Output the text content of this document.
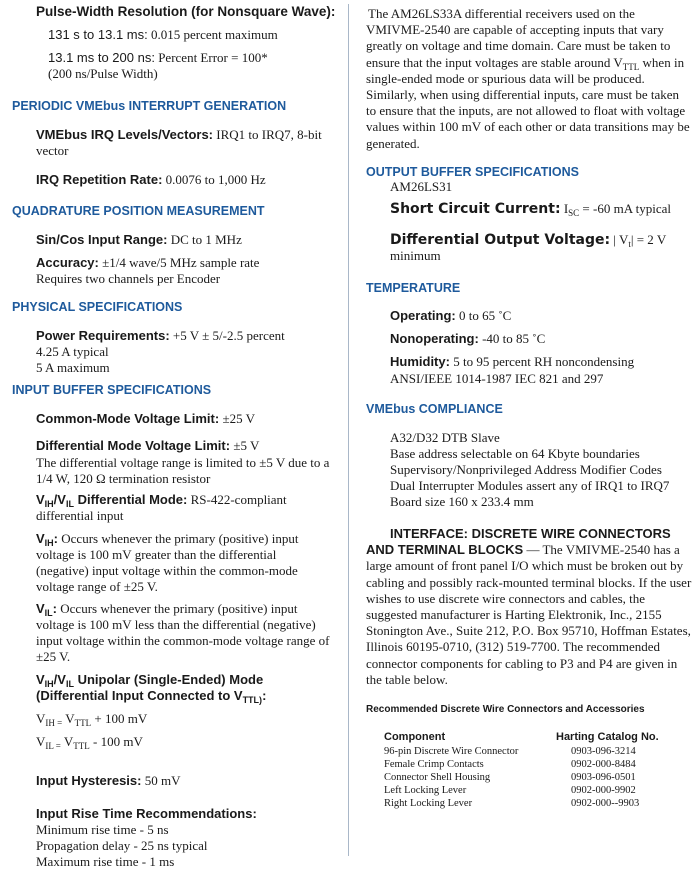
Pulse-Width Resolution (for Nonsquare Wave):
131 s to 13.1 ms: 0.015 percent maximum
13.1 ms to 200 ns: Percent Error = 100*
(200 ns/Pulse Width)
PERIODIC VMEbus INTERRUPT GENERATION
VMEbus IRQ Levels/Vectors: IRQ1 to IRQ7, 8-bit vector
IRQ Repetition Rate: 0.0076 to 1,000 Hz
QUADRATURE POSITION MEASUREMENT
Sin/Cos Input Range: DC to 1 MHz
Accuracy: ±1/4 wave/5 MHz sample rate
Requires two channels per Encoder
PHYSICAL SPECIFICATIONS
Power Requirements: +5 V ± 5/-2.5 percent
4.25 A typical
5 A maximum
INPUT BUFFER SPECIFICATIONS
Common-Mode Voltage Limit: ±25 V
Differential Mode Voltage Limit: ±5 V
The differential voltage range is limited to ±5 V due to a 1/4 W, 120 Ω termination resistor
$V_{IH}/V_{IL}$ Differential Mode: RS-422-compliant differential input
$V_{IH}$: Occurs whenever the primary (positive) input voltage is 100 mV greater than the differential (negative) input voltage within the common-mode voltage range of ±25 V.
$V_{IL}$: Occurs whenever the primary (positive) input voltage is 100 mV less than the differential (negative) input voltage within the common-mode voltage range of ±25 V.
$V_{IH}/V_{IL}$ Unipolar (Single-Ended) Mode
(Differential Input Connected to $V_{TTL)}$:
$V_{IH =}$ $V_{TTL} + 100$ mV
$V_{IL =}$ $V_{TTL} - 100$ mV
Input Hysteresis: 50 mV
Input Rise Time Recommendations:
Minimum rise time - 5 ns
Propagation delay - 25 ns typical
Maximum rise time - 1 ms
The AM26LS33A differential receivers used on the VMIVME-2540 are capable of accepting inputs that vary greatly on voltage and time domain. Care must be taken to ensure that the input voltages are stable around $V_{TTL}$ when in single-ended mode or spurious data will be produced. Similarly, when using differential inputs, care must be taken to ensure that the inputs, are not allowed to float with voltage values within 100 mV of each other or data transitions may be generated.
OUTPUT BUFFER SPECIFICATIONS
AM26LS31
Short Circuit Current: $I_{SC} = -60$ mA typical
Differential Output Voltage: | $V_t| = 2$ V
minimum
TEMPERATURE
Operating: 0 to 65 ˚C
Nonoperating: -40 to 85 ˚C
Humidity: 5 to 95 percent RH noncondensing
ANSI/IEEE 1014-1987 IEC 821 and 297
VMEbus COMPLIANCE
A32/D32 DTB Slave
Base address selectable on 64 Kbyte boundaries
Supervisory/Nonprivileged Address Modifier Codes
Dual Interrupter Modules assert any of IRQ1 to IRQ7
Board size 160 x 233.4 mm
INTERFACE: DISCRETE WIRE CONNECTORS AND TERMINAL BLOCKS — The VMIVME-2540 has a large amount of front panel I/O which must be broken out by cabling and possibly rack-mounted terminal blocks. If the user wishes to use discrete wire connectors and cables, the suggested manufacturer is Harting Elektronik, Inc., 2155 Stonington Ave., Suite 212, P.O. Box 95710, Hoffman Estates, Illinois 60195-0710, (312) 519-7700. The recommended connector components for cabling to P3 and P4 are given in the table below.
Recommended Discrete Wire Connectors and Accessories
Component	Harting Catalog No.
96-pin Discrete Wire Connector	0903-096-3214
Female Crimp Contacts	0902-000-8484
Connector Shell Housing	0903-096-0501
Left Locking Lever	0902-000-9902
Right Locking Lever	0902-000--9903
